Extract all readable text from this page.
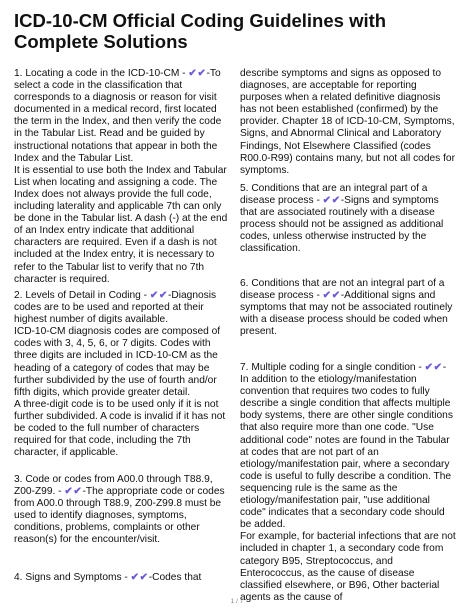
ICD-10-CM Official Coding Guidelines with Complete Solutions

1. Locating a code in the ICD-10-CM - ✔✔-To select a code in the classification that corresponds to a diagnosis or reason for visit documented in a medical record, first located the term in the Index, and then verify the code in the Tabular List. Read and be guided by instructional notations that appear in both the Index and the Tabular List.
It is essential to use both the Index and Tabular List when locating and assigning a code. The Index does not always provide the full code, including laterality and applicable 7th can only be done in the Tabular list. A dash (-) at the end of an Index entry indicate that additional characters are required. Even if a dash is not included at the Index entry, it is necessary to refer to the Tabular list to verify that no 7th character is required.

2. Levels of Detail in Coding - ✔✔-Diagnosis codes are to be used and reported at their highest number of digits available.
ICD-10-CM diagnosis codes are composed of codes with 3, 4, 5, 6, or 7 digits. Codes with three digits are included in ICD-10-CM as the heading of a category of codes that may be further subdivided by the use of fourth and/or fifth digits, which provide greater detail.
A three-digit code is to be used only if it is not further subdivided. A code is invalid if it has not be coded to the full number of characters required for that code, including the 7th character, if applicable.

3. Code or codes from A00.0 through T88.9, Z00-Z99. - ✔✔-The appropriate code or codes from A00.0 through T88.9, Z00-Z99.8 must be used to identify diagnoses, symptoms, conditions, problems, complaints or other reason(s) for the encounter/visit.

4. Signs and Symptoms - ✔✔-Codes that

describe symptoms and signs as opposed to diagnoses, are acceptable for reporting purposes when a related definitive diagnosis has not been established (confirmed) by the provider. Chapter 18 of ICD-10-CM, Symptoms, Signs, and Abnormal Clinical and Laboratory Findings, Not Elsewhere Classified (codes R00.0-R99) contains many, but not all codes for symptoms.

5. Conditions that are an integral part of a disease process - ✔✔-Signs and symptoms that are associated routinely with a disease process should not be assigned as additional codes, unless otherwise instructed by the classification.

6. Conditions that are not an integral part of a disease process - ✔✔-Additional signs and symptoms that may not be associated routinely with a disease process should be coded when present.

7. Multiple coding for a single condition - ✔✔-
In addition to the etiology/manifestation convention that requires two codes to fully describe a single condition that affects multiple body systems, there are other single conditions that also require more than one code. "Use additional code" notes are found in the Tabular at codes that are not part of an etiology/manifestation pair, where a secondary code is useful to fully describe a condition. The sequencing rule is the same as the etiology/manifestation pair, "use additional code" indicates that a secondary code should be added.
For example, for bacterial infections that are not included in chapter 1, a secondary code from category B95, Streptococcus, and Enterococcus, as the cause of disease classified elsewhere, or B96, Other bacterial agents as the cause of

1 / 7
